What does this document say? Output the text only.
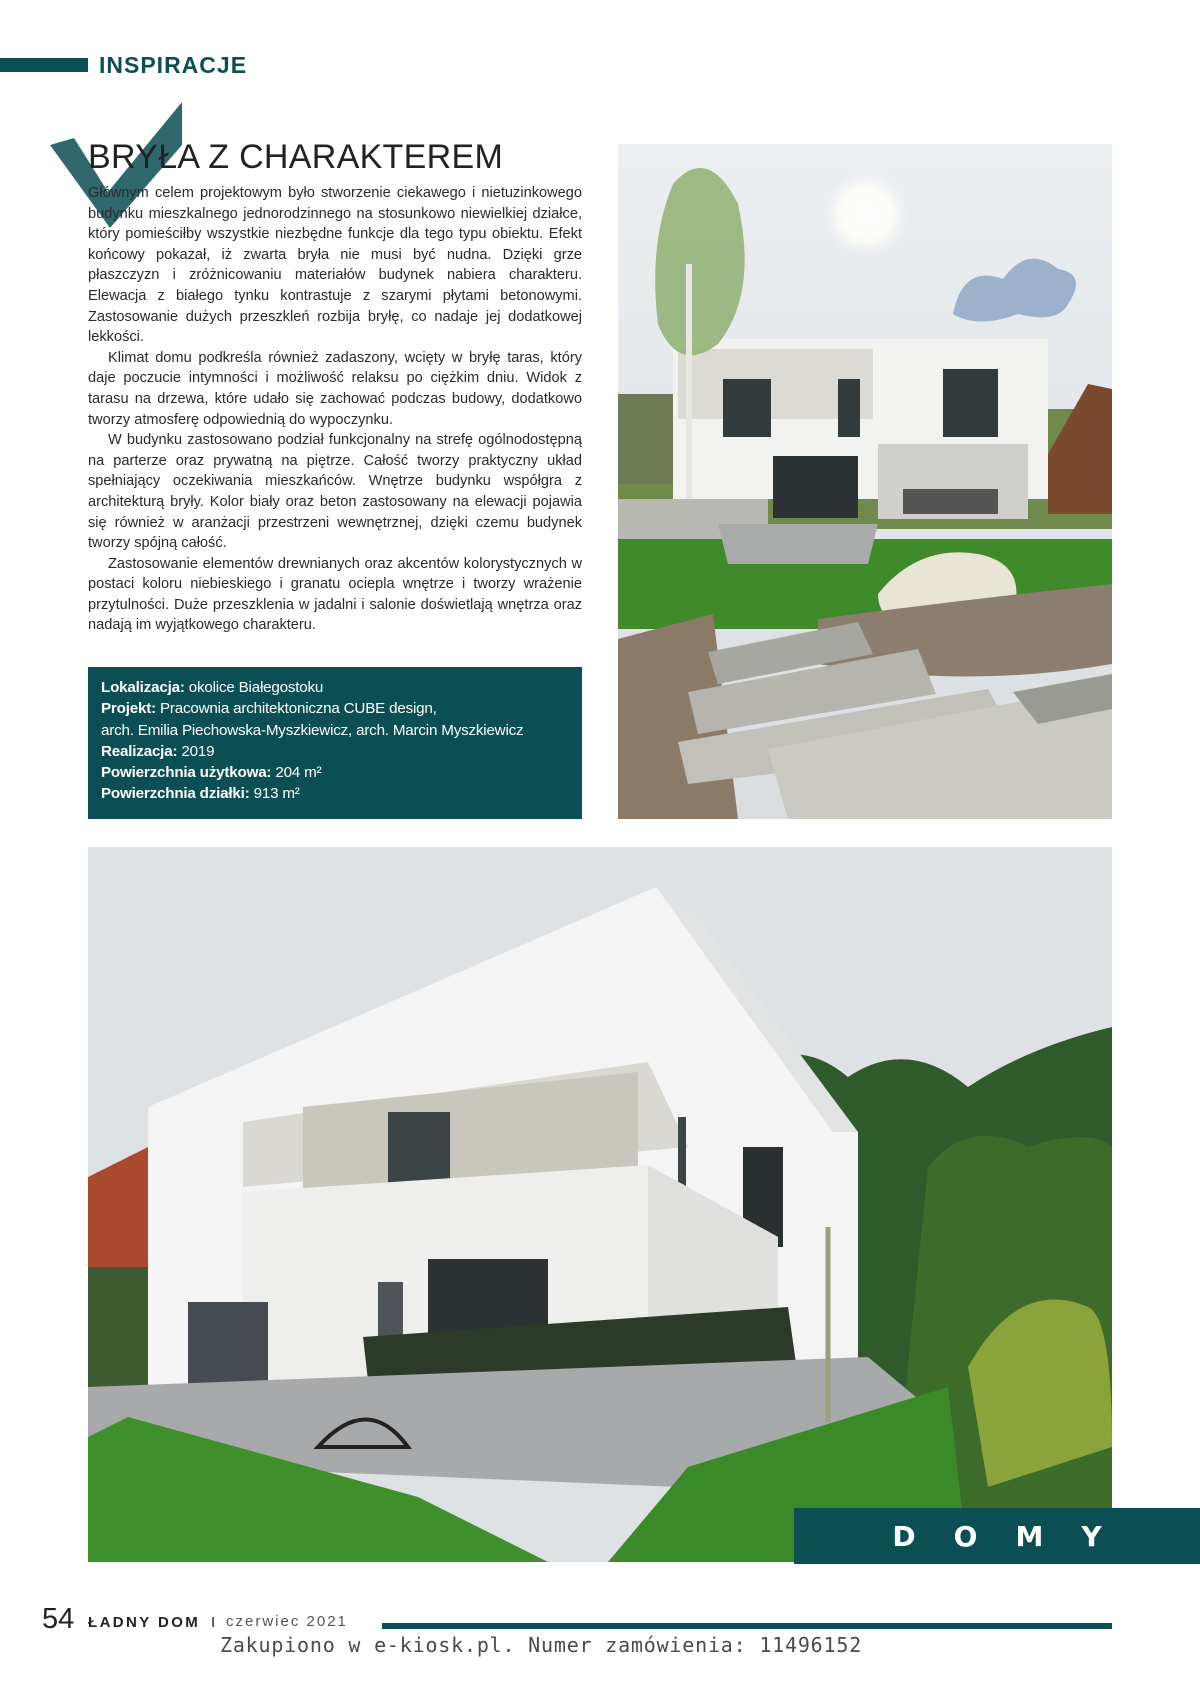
INSPIRACJE
BRYŁA Z CHARAKTEREM

Głównym celem projektowym było stworzenie ciekawego i nietuzinkowego budynku mieszkalnego jednorodzinnego na stosunkowo niewielkiej działce, który pomieściłby wszystkie niezbędne funkcje dla tego typu obiektu. Efekt końcowy pokazał, iż zwarta bryła nie musi być nudna. Dzięki grze płaszczyzn i zróżnicowaniu materiałów budynek nabiera charakteru. Elewacja z białego tynku kontrastuje z szarymi płytami betonowymi. Zastosowanie dużych przeszkleń rozbija bryłę, co nadaje jej dodatkowej lekkości.

Klimat domu podkreśla również zadaszony, wcięty w bryłę taras, który daje poczucie intymności i możliwość relaksu po ciężkim dniu. Widok z tarasu na drzewa, które udało się zachować podczas budowy, dodatkowo tworzy atmosferę odpowiednią do wypoczynku.

W budynku zastosowano podział funkcjonalny na strefę ogólnodostępną na parterze oraz prywatną na piętrze. Całość tworzy praktyczny układ spełniający oczekiwania mieszkańców. Wnętrze budynku współgra z architekturą bryły. Kolor biały oraz beton zastosowany na elewacji pojawia się również w aranżacji przestrzeni wewnętrznej, dzięki czemu budynek tworzy spójną całość.

Zastosowanie elementów drewnianych oraz akcentów kolorystycznych w postaci koloru niebieskiego i granatu ociepla wnętrze i tworzy wrażenie przytulności. Duże przeszklenia w jadalni i salonie doświetlają wnętrza oraz nadają im wyjątkowego charakteru.

Lokalizacja: okolice Białegostoku
Projekt: Pracownia architektoniczna CUBE design,
arch. Emilia Piechowska-Myszkiewicz, arch. Marcin Myszkiewicz
Realizacja: 2019
Powierzchnia użytkowa: 204 m²
Powierzchnia działki: 913 m²
DOMY
54 ŁADNY DOM I czerwiec 2021
Zakupiono w e-kiosk.pl. Numer zamówienia: 11496152
